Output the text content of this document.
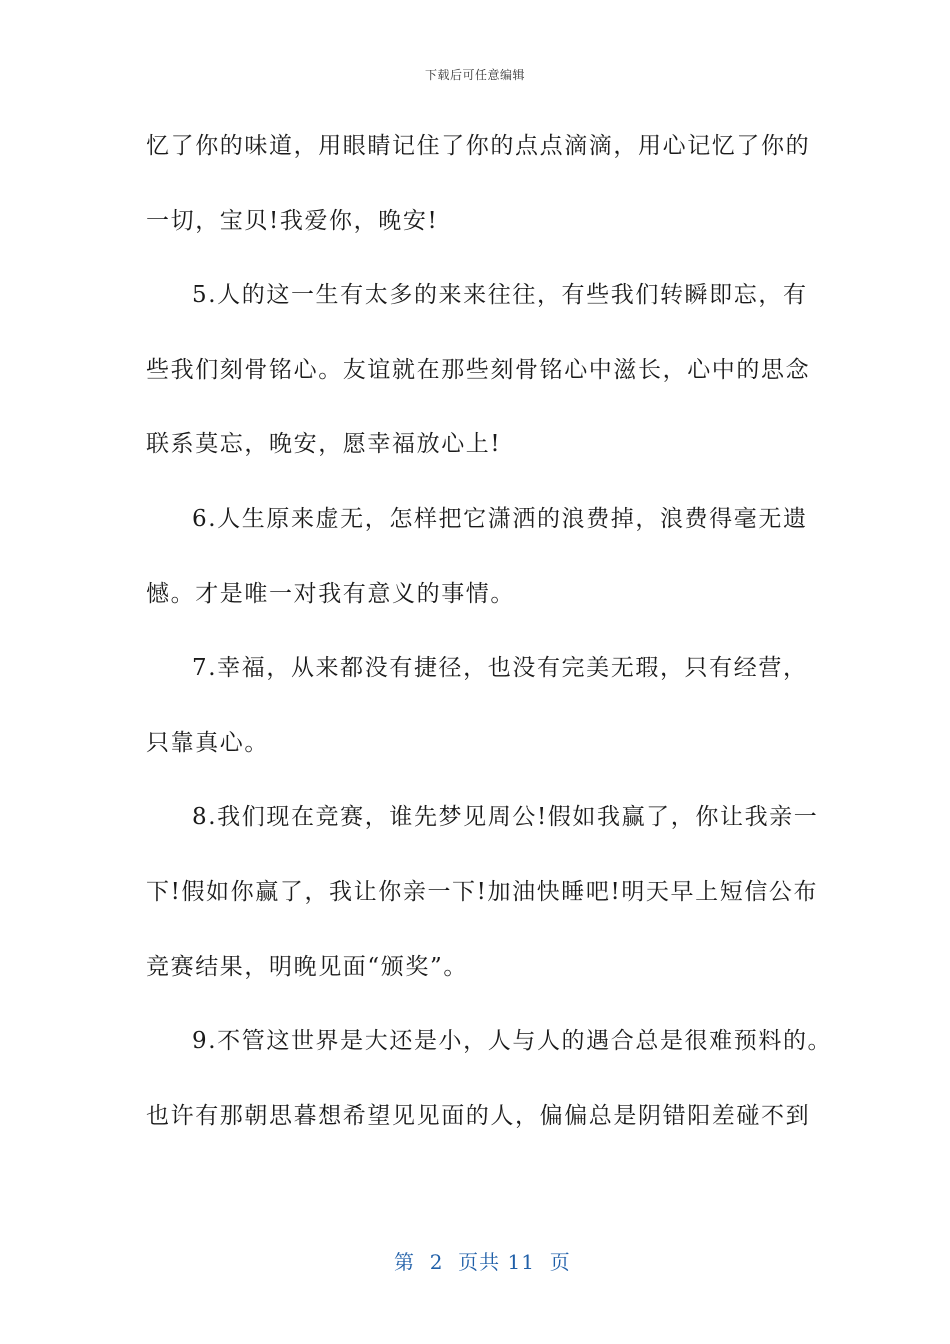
下载后可任意编辑
忆了你的味道，用眼睛记住了你的点点滴滴，用心记忆了你的
一切，宝贝!我爱你，晚安!
5.人的这一生有太多的来来往往，有些我们转瞬即忘，有
些我们刻骨铭心。友谊就在那些刻骨铭心中滋长，心中的思念
联系莫忘，晚安，愿幸福放心上!
6.人生原来虚无，怎样把它潇洒的浪费掉，浪费得毫无遗
憾。才是唯一对我有意义的事情。
7.幸福，从来都没有捷径，也没有完美无瑕，只有经营，
只靠真心。
8.我们现在竞赛，谁先梦见周公!假如我赢了，你让我亲一
下!假如你赢了，我让你亲一下!加油快睡吧!明天早上短信公布
竞赛结果，明晚见面“颁奖”。
9.不管这世界是大还是小，人与人的遇合总是很难预料的。
也许有那朝思暮想希望见见面的人，偏偏总是阴错阳差碰不到

第  2  页共 11  页
